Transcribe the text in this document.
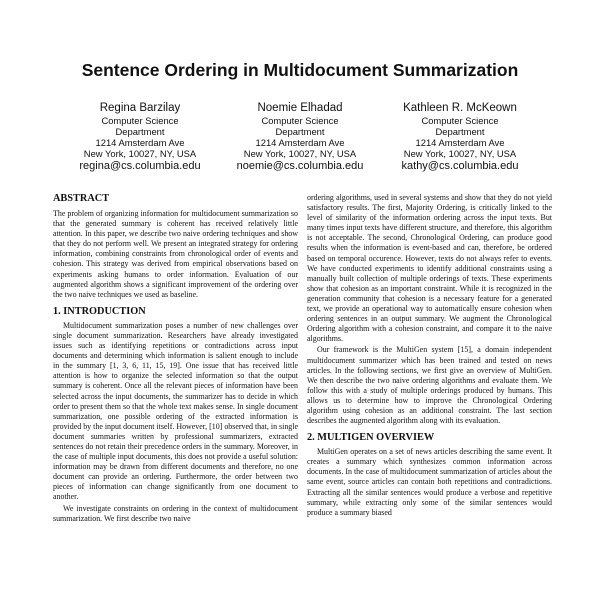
Sentence Ordering in Multidocument Summarization
Regina Barzilay
Computer Science
Department
1214 Amsterdam Ave
New York, 10027, NY, USA
regina@cs.columbia.edu
Noemie Elhadad
Computer Science
Department
1214 Amsterdam Ave
New York, 10027, NY, USA
noemie@cs.columbia.edu
Kathleen R. McKeown
Computer Science
Department
1214 Amsterdam Ave
New York, 10027, NY, USA
kathy@cs.columbia.edu
ABSTRACT

The problem of organizing information for multidocument summarization so that the generated summary is coherent has received relatively little attention. In this paper, we describe two naive ordering techniques and show that they do not perform well. We present an integrated strategy for ordering information, combining constraints from chronological order of events and cohesion. This strategy was derived from empirical observations based on experiments asking humans to order information. Evaluation of our augmented algorithm shows a significant improvement of the ordering over the two naive techniques we used as baseline.

1. INTRODUCTION

Multidocument summarization poses a number of new challenges over single document summarization. Researchers have already investigated issues such as identifying repetitions or contradictions across input documents and determining which information is salient enough to include in the summary [1, 3, 6, 11, 15, 19]. One issue that has received little attention is how to organize the selected information so that the output summary is coherent. Once all the relevant pieces of information have been selected across the input documents, the summarizer has to decide in which order to present them so that the whole text makes sense. In single document summarization, one possible ordering of the extracted information is provided by the input document itself. However, [10] observed that, in single document summaries written by professional summarizers, extracted sentences do not retain their precedence orders in the summary. Moreover, in the case of multiple input documents, this does not provide a useful solution: information may be drawn from different documents and therefore, no one document can provide an ordering. Furthermore, the order between two pieces of information can change significantly from one document to another.

We investigate constraints on ordering in the context of multidocument summarization. We first describe two naive

ordering algorithms, used in several systems and show that they do not yield satisfactory results. The first, Majority Ordering, is critically linked to the level of similarity of the information ordering across the input texts. But many times input texts have different structure, and therefore, this algorithm is not acceptable. The second, Chronological Ordering, can produce good results when the information is event-based and can, therefore, be ordered based on temporal occurence. However, texts do not always refer to events. We have conducted experiments to identify additional constraints using a manually built collection of multiple orderings of texts. These experiments show that cohesion as an important constraint. While it is recognized in the generation community that cohesion is a necessary feature for a generated text, we provide an operational way to automatically ensure cohesion when ordering sentences in an output summary. We augment the Chronological Ordering algorithm with a cohesion constraint, and compare it to the naive algorithms.

Our framework is the MultiGen system [15], a domain independent multidocument summarizer which has been trained and tested on news articles. In the following sections, we first give an overview of MultiGen. We then describe the two naive ordering algorithms and evaluate them. We follow this with a study of multiple orderings produced by humans. This allows us to determine how to improve the Chronological Ordering algorithm using cohesion as an additional constraint. The last section describes the augmented algorithm along with its evaluation.

2. MULTIGEN OVERVIEW

MultiGen operates on a set of news articles describing the same event. It creates a summary which synthesizes common information across documents. In the case of multidocument summarization of articles about the same event, source articles can contain both repetitions and contradictions. Extracting all the similar sentences would produce a verbose and repetitive summary, while extracting only some of the similar sentences would produce a summary biased
